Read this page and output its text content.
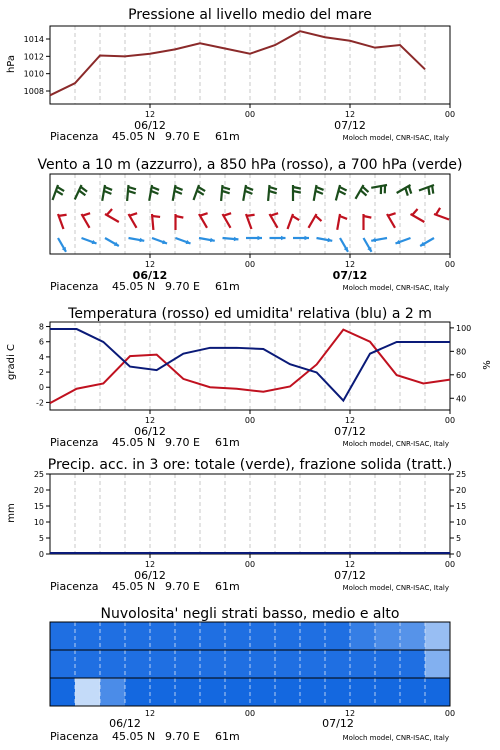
Pressione al livello medio del mare
hPa
12	00	12	00
06/12	07/12
Piacenza 45.05 N 9.70 E 61m	Moloch model, CNR-ISAC, Italy
1008
1010
1012
1014
Vento a 10 m (azzurro), a 850 hPa (rosso), a 700 hPa (verde)
12	00	12	00
06/12	07/12
Piacenza 45.05 N 9.70 E 61m	Moloch model, CNR-ISAC, Italy
Temperatura (rosso) ed umidita' relativa (blu) a 2 m
gradi C	%
12	00	12	00
06/12	07/12
Piacenza 45.05 N 9.70 E 61m	Moloch model, CNR-ISAC, Italy
-2
0
2
4
6
8
40
60
80
100
Precip. acc. in 3 ore: totale (verde), frazione solida (tratt.)
mm
12	00	12	00
06/12	07/12
Piacenza 45.05 N 9.70 E 61m	Moloch model, CNR-ISAC, Italy
0	0
5	5
10	10
15	15
20	20
25	25
Nuvolosita' negli strati basso, medio e alto
12	00	12	00
06/12	07/12
Piacenza 45.05 N 9.70 E 61m	Moloch model, CNR-ISAC, Italy
